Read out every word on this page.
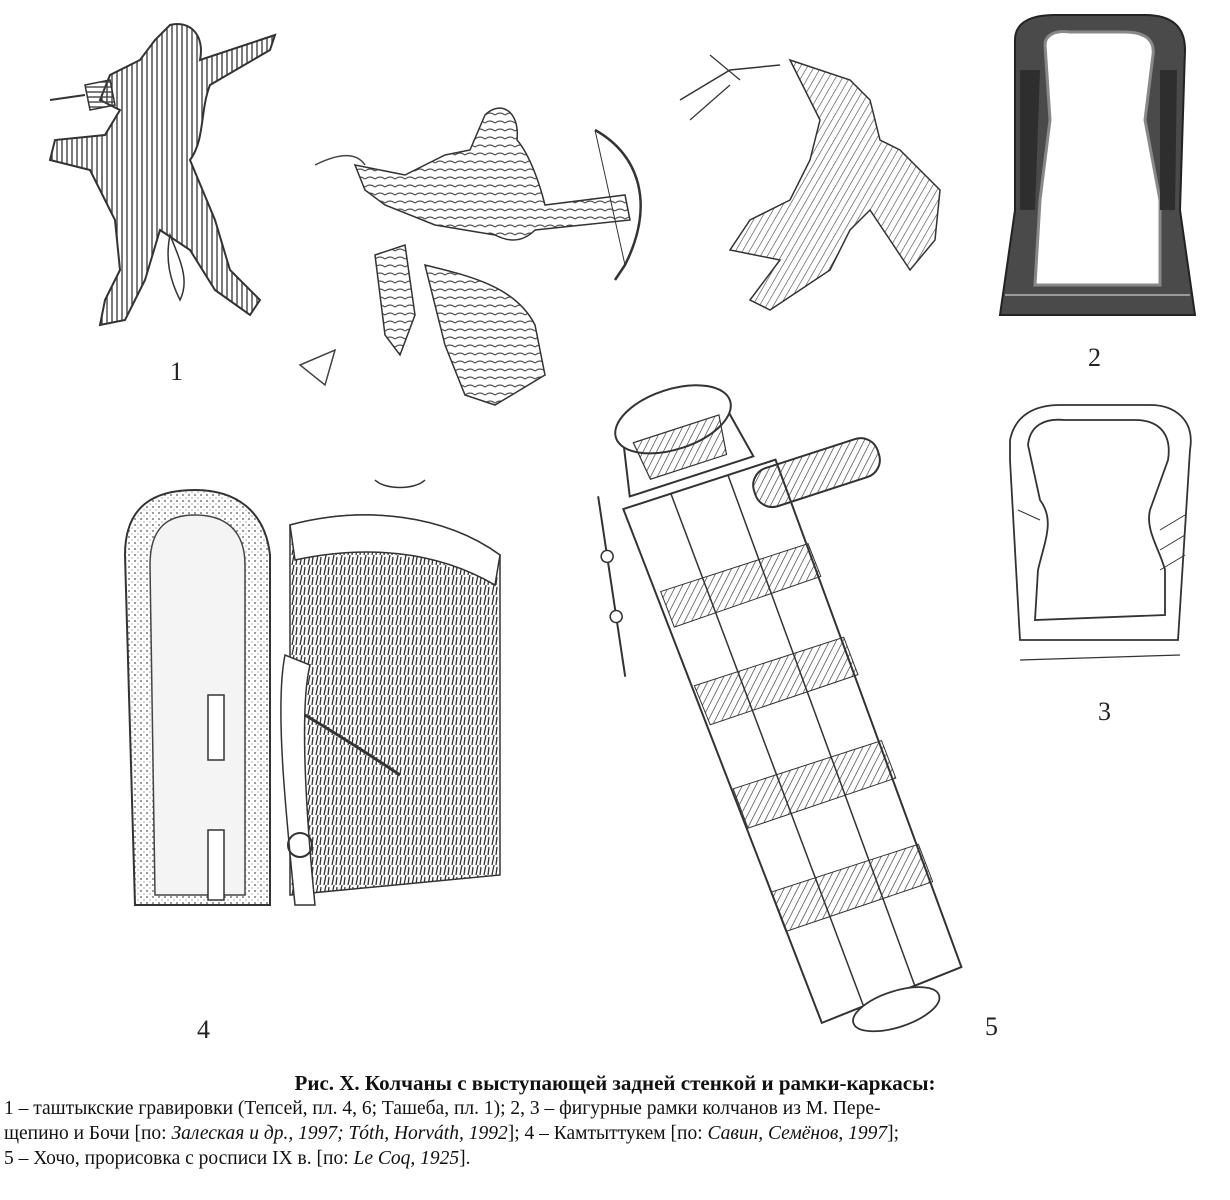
1	2
3
4	5
Рис. X. Колчаны с выступающей задней стенкой и рамки-каркасы:
1 – таштыкские гравировки (Тепсей, пл. 4, 6; Ташеба, пл. 1); 2, 3 – фигурные рамки колчанов из М. Пере-
щепино и Бочи [по: Залеская и др., 1997; Tóth, Horváth, 1992]; 4 – Камтыттукем [по: Савин, Семёнов, 1997];
5 – Хочо, прорисовка с росписи IX в. [по: Le Coq, 1925].
